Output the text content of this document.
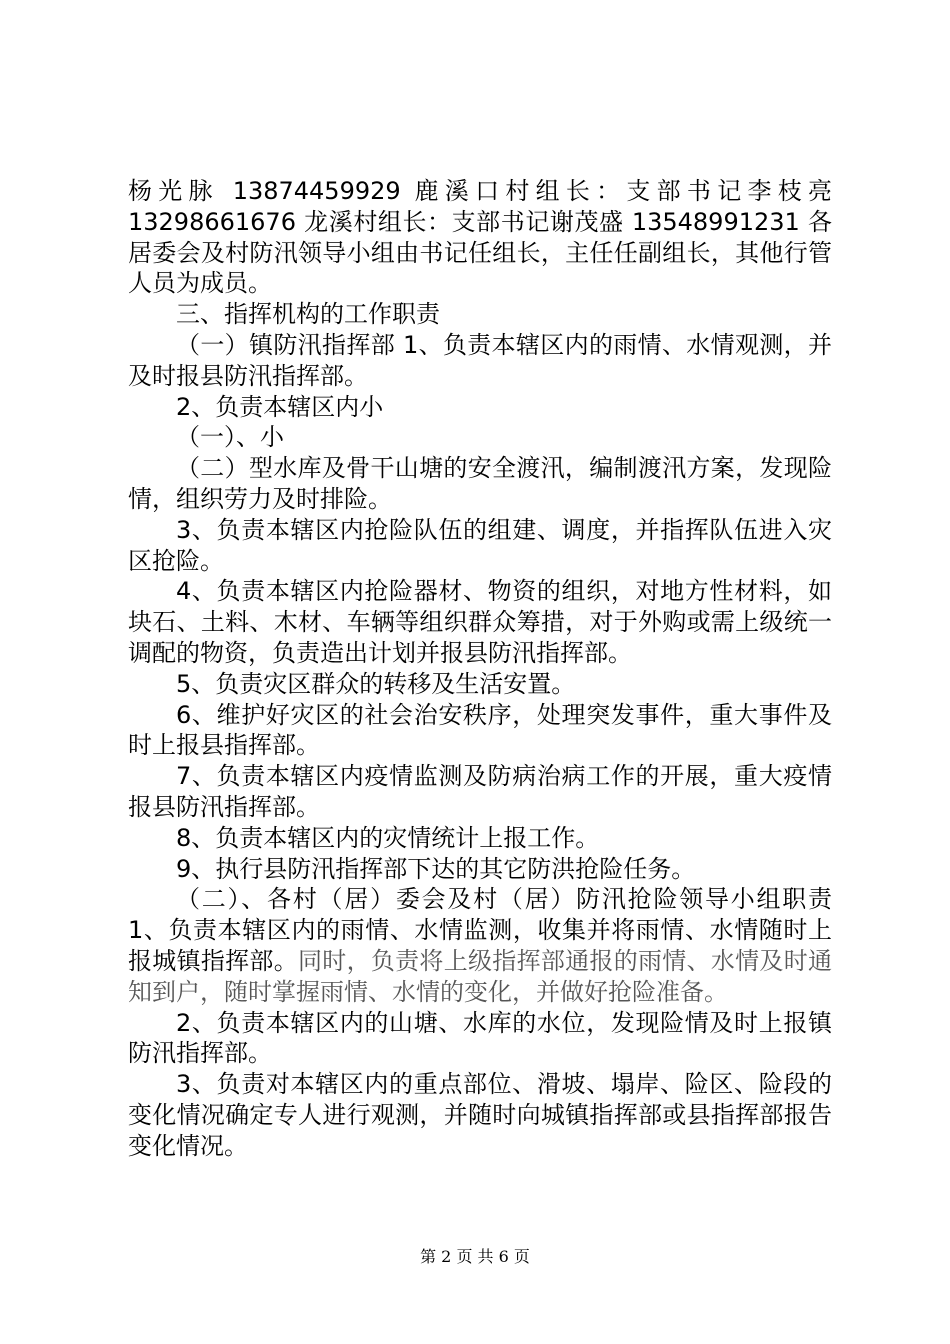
杨光脉 13874459929 鹿溪口村组长：支部书记李枝亮 13298661676 龙溪村组长：支部书记谢茂盛 13548991231 各居委会及村防汛领导小组由书记任组长，主任任副组长，其他行管人员为成员。

三、指挥机构的工作职责

（一）镇防汛指挥部 1、负责本辖区内的雨情、水情观测，并及时报县防汛指挥部。

2、负责本辖区内小

（一）、小

（二）型水库及骨干山塘的安全渡汛，编制渡汛方案，发现险情，组织劳力及时排险。

3、负责本辖区内抢险队伍的组建、调度，并指挥队伍进入灾区抢险。

4、负责本辖区内抢险器材、物资的组织，对地方性材料，如块石、土料、木材、车辆等组织群众筹措，对于外购或需上级统一调配的物资，负责造出计划并报县防汛指挥部。

5、负责灾区群众的转移及生活安置。

6、维护好灾区的社会治安秩序，处理突发事件，重大事件及时上报县指挥部。

7、负责本辖区内疫情监测及防病治病工作的开展，重大疫情报县防汛指挥部。

8、负责本辖区内的灾情统计上报工作。

9、执行县防汛指挥部下达的其它防洪抢险任务。

（二）、各村（居）委会及村（居）防汛抢险领导小组职责 1、负责本辖区内的雨情、水情监测，收集并将雨情、水情随时上报城镇指挥部。同时，负责将上级指挥部通报的雨情、水情及时通知到户，随时掌握雨情、水情的变化，并做好抢险准备。

2、负责本辖区内的山塘、水库的水位，发现险情及时上报镇防汛指挥部。

3、负责对本辖区内的重点部位、滑坡、塌岸、险区、险段的变化情况确定专人进行观测，并随时向城镇指挥部或县指挥部报告变化情况。

第 2 页 共 6 页
